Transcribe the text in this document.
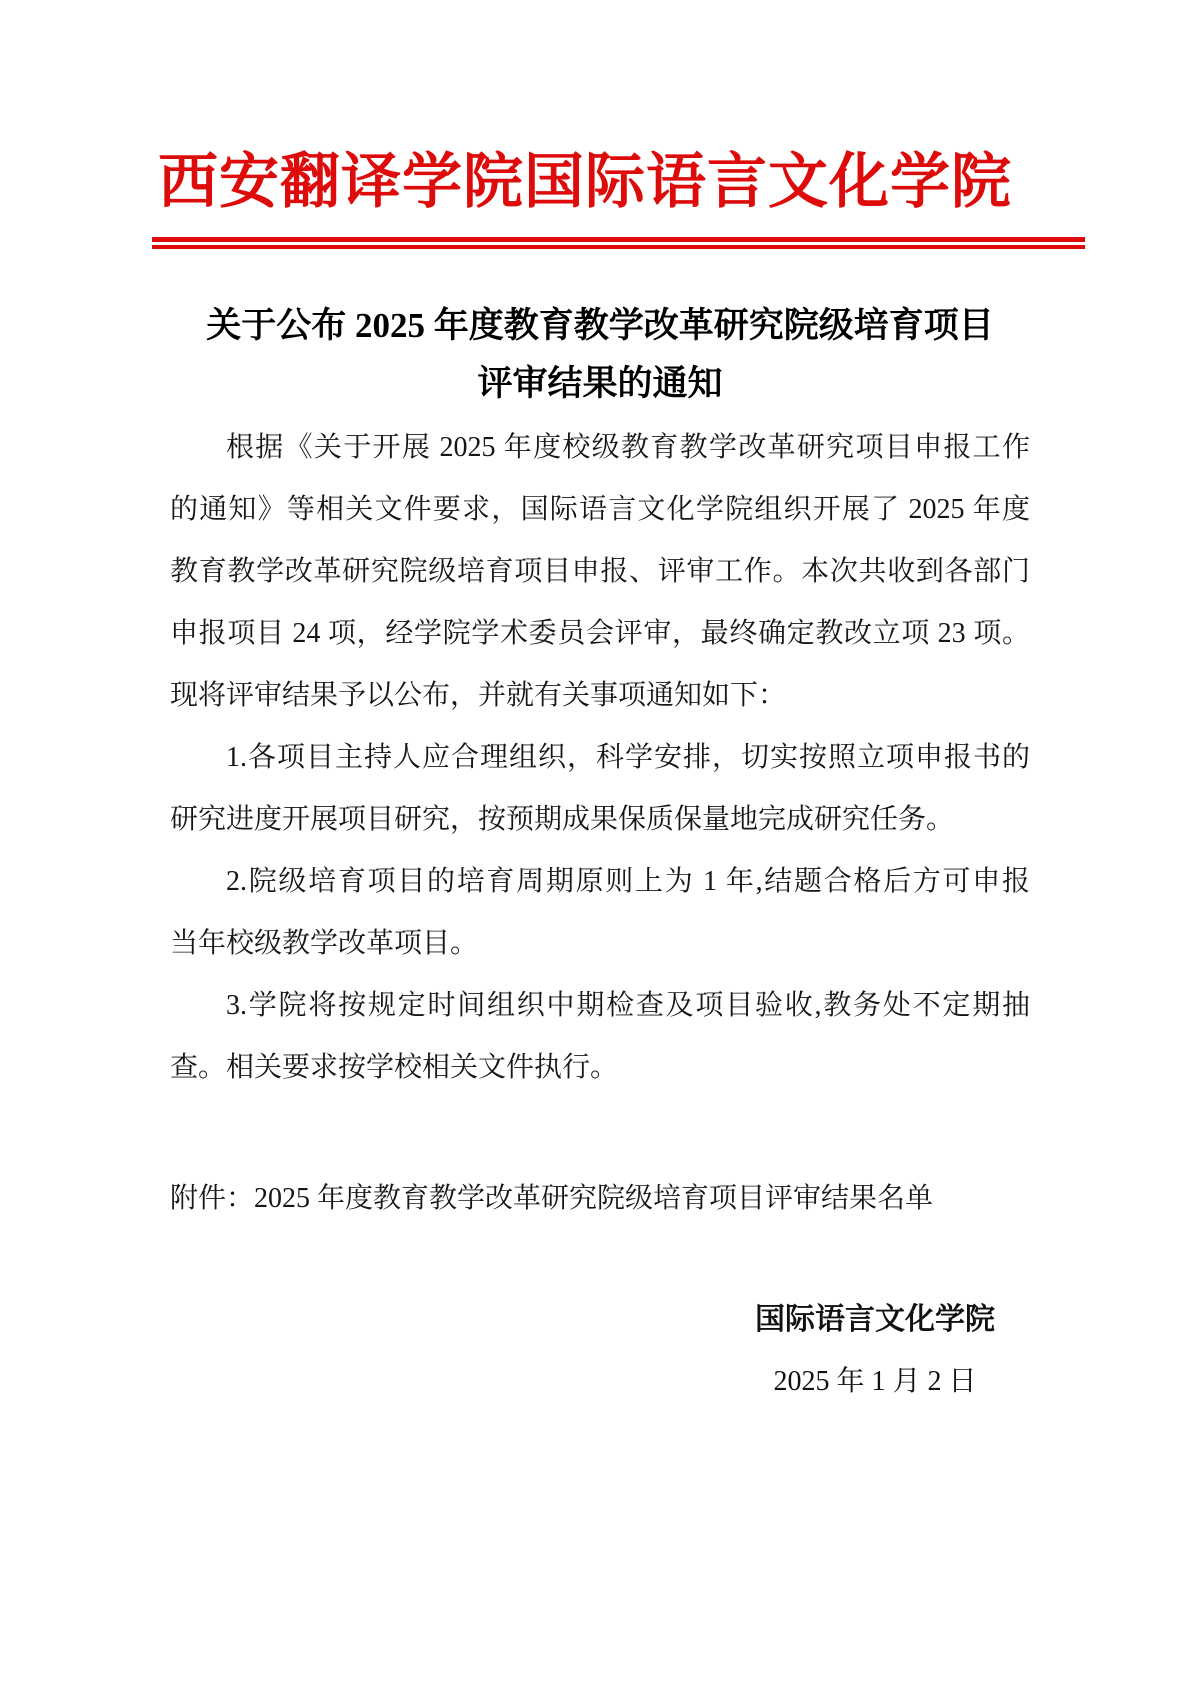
西安翻译学院国际语言文化学院
关于公布 2025 年度教育教学改革研究院级培育项目
评审结果的通知
根据《关于开展 2025 年度校级教育教学改革研究项目申报工作
的通知》等相关文件要求，国际语言文化学院组织开展了 2025 年度
教育教学改革研究院级培育项目申报、评审工作。本次共收到各部门
申报项目 24 项，经学院学术委员会评审，最终确定教改立项 23 项。
现将评审结果予以公布，并就有关事项通知如下：
1.各项目主持人应合理组织，科学安排，切实按照立项申报书的
研究进度开展项目研究，按预期成果保质保量地完成研究任务。
2.院级培育项目的培育周期原则上为 1 年,结题合格后方可申报
当年校级教学改革项目。
3.学院将按规定时间组织中期检查及项目验收,教务处不定期抽
查。相关要求按学校相关文件执行。
附件：2025 年度教育教学改革研究院级培育项目评审结果名单
国际语言文化学院
2025 年 1 月 2 日
